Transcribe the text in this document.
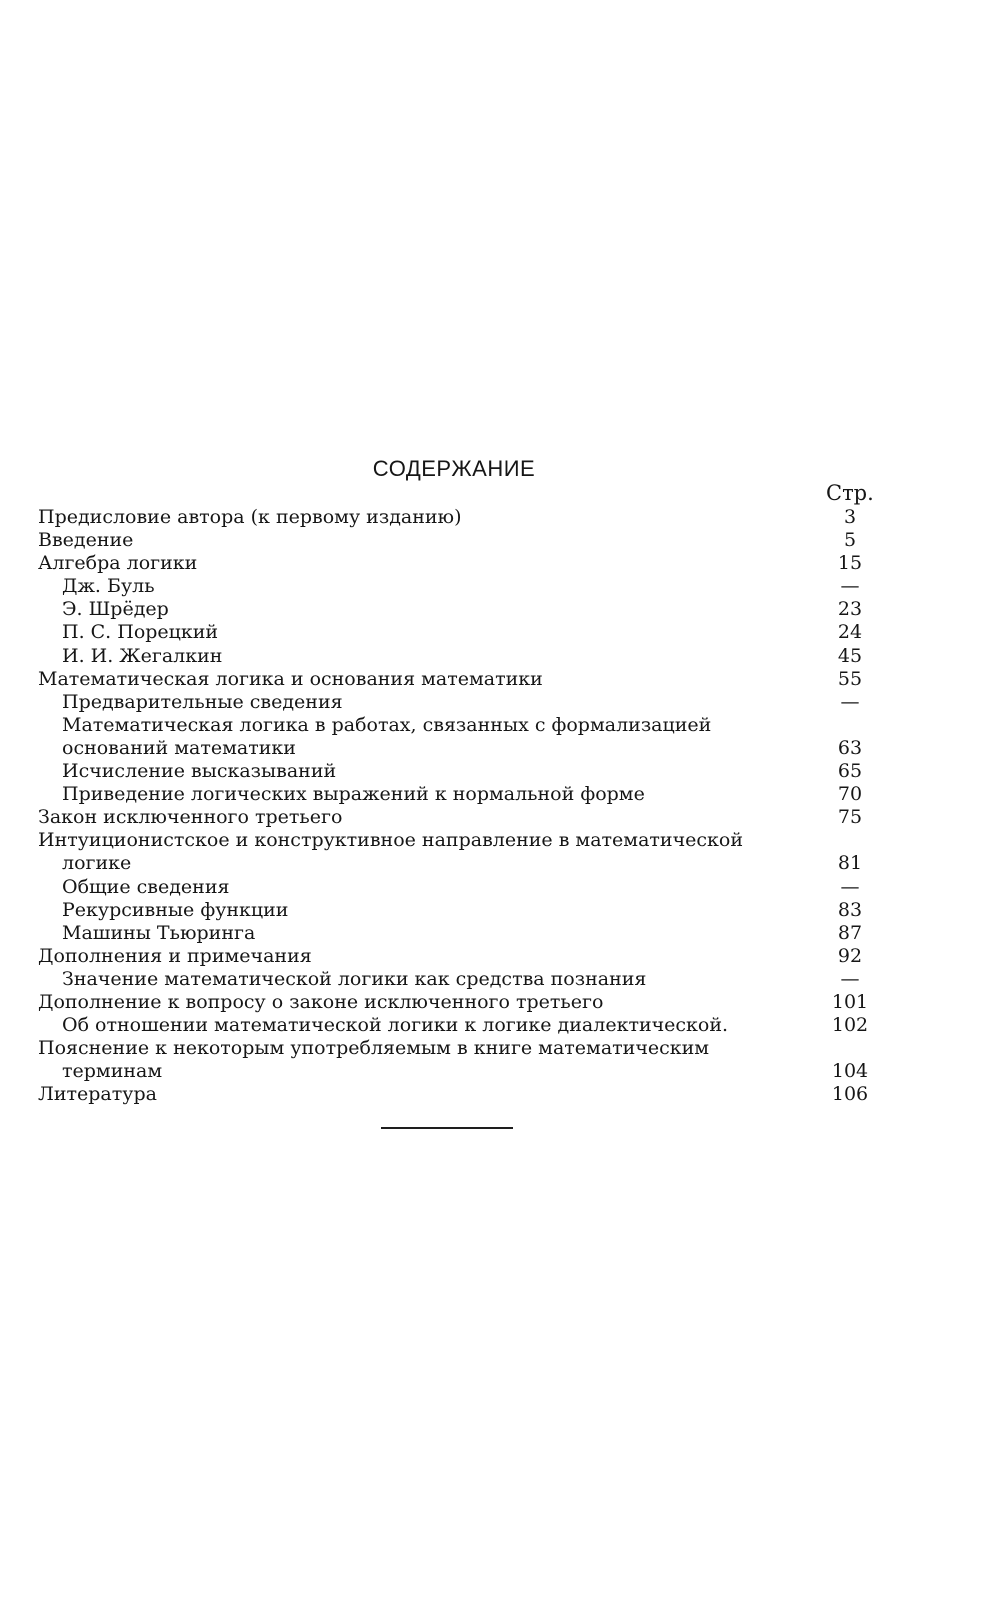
СОДЕРЖАНИЕ
Стр.
Предисловие автора (к первому изданию)	3
Введение	5
Алгебра логики	15
Дж. Буль	—
Э. Шрёдер	23
П. С. Порецкий	24
И. И. Жегалкин	45
Математическая логика и основания математики	55
Предварительные сведения	—
Математическая логика в работах, связанных с формализацией
оснований математики	63
Исчисление высказываний	65
Приведение логических выражений к нормальной форме	70
Закон исключенного третьего	75
Интуиционистское и конструктивное направление в математической
логике	81
Общие сведения	—
Рекурсивные функции	83
Машины Тьюринга	87
Дополнения и примечания	92
Значение математической логики как средства познания	—
Дополнение к вопросу о законе исключенного третьего	101
Об отношении математической логики к логике диалектической.	102
Пояснение к некоторым употребляемым в книге математическим
терминам	104
Литература	106
